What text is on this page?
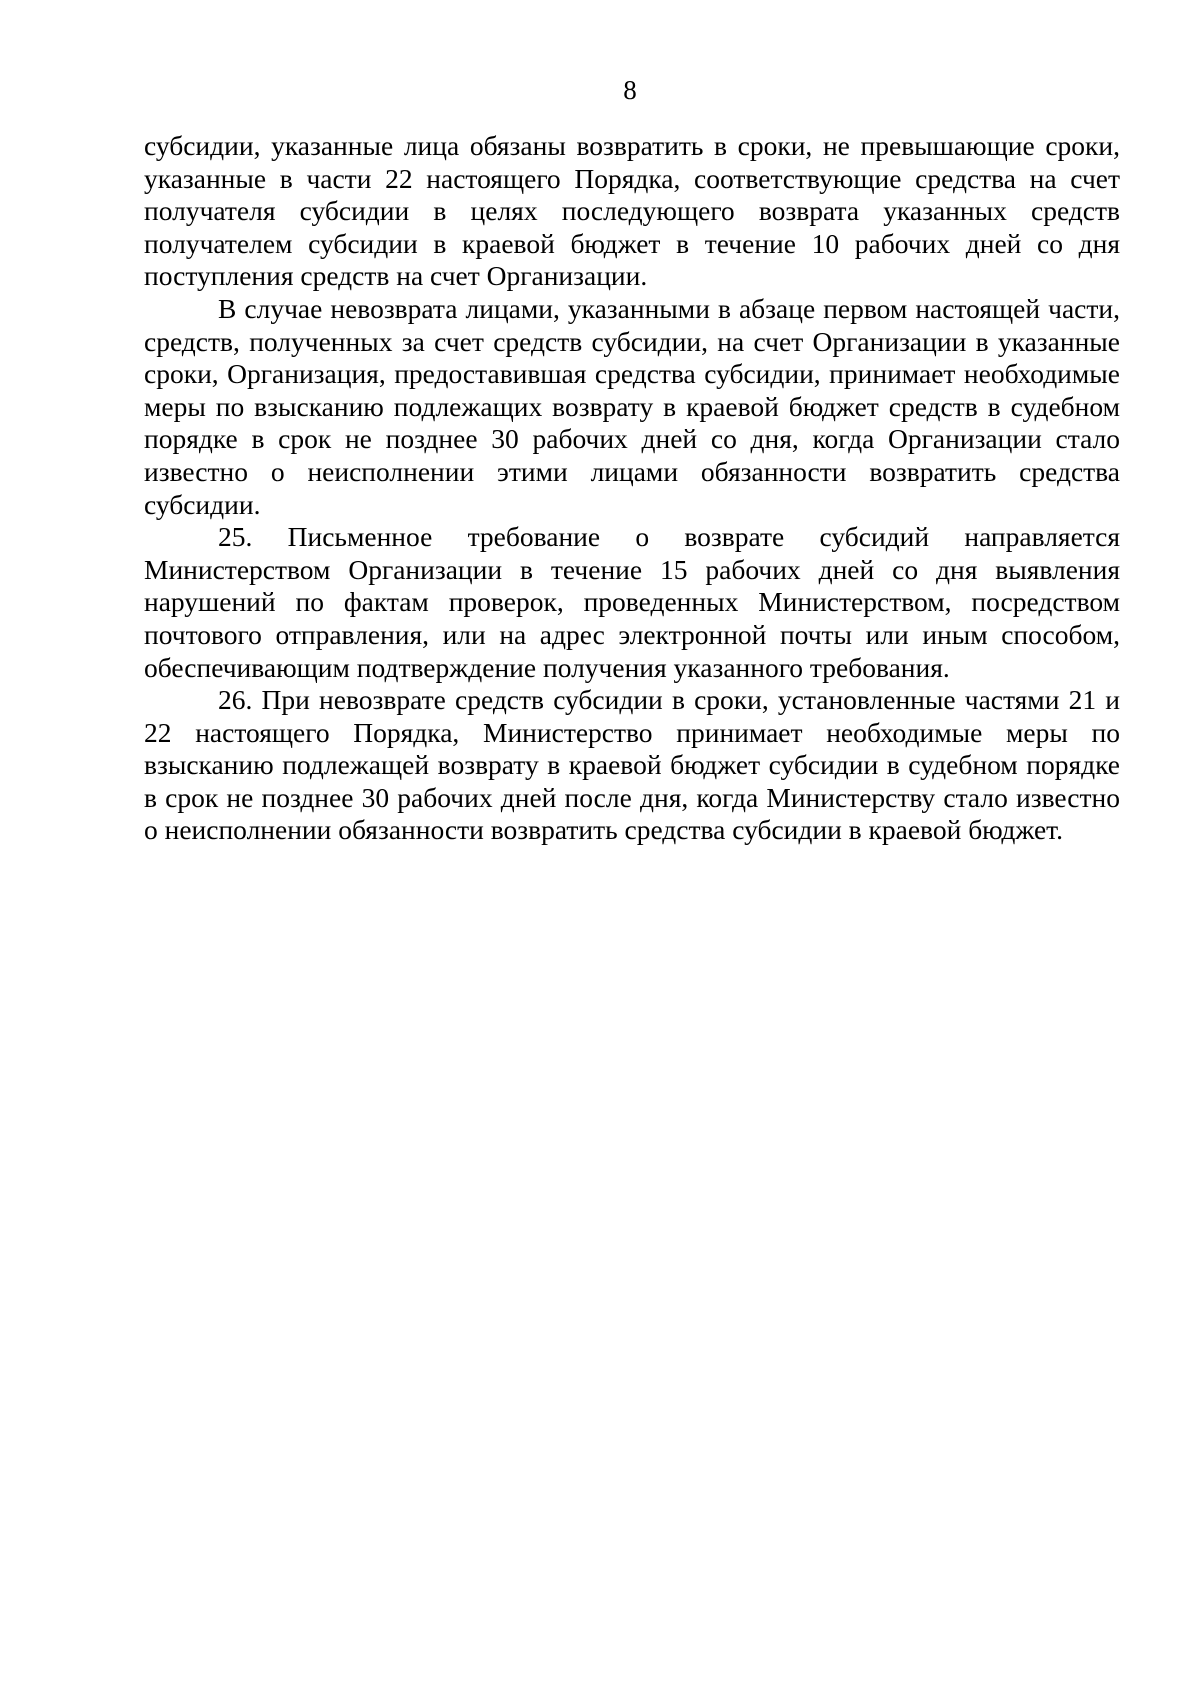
8

субсидии, указанные лица обязаны возвратить в сроки, не превышающие сроки, указанные в части 22 настоящего Порядка, соответствующие средства на счет получателя субсидии в целях последующего возврата указанных средств получателем субсидии в краевой бюджет в течение 10 рабочих дней со дня поступления средств на счет Организации.

В случае невозврата лицами, указанными в абзаце первом настоящей части, средств, полученных за счет средств субсидии, на счет Организации в указанные сроки, Организация, предоставившая средства субсидии, принимает необходимые меры по взысканию подлежащих возврату в краевой бюджет средств в судебном порядке в срок не позднее 30 рабочих дней со дня, когда Организации стало известно о неисполнении этими лицами обязанности возвратить средства субсидии.

25. Письменное требование о возврате субсидий направляется Министерством Организации в течение 15 рабочих дней со дня выявления нарушений по фактам проверок, проведенных Министерством, посредством почтового отправления, или на адрес электронной почты или иным способом, обеспечивающим подтверждение получения указанного требования.

26. При невозврате средств субсидии в сроки, установленные частями 21 и 22 настоящего Порядка, Министерство принимает необходимые меры по взысканию подлежащей возврату в краевой бюджет субсидии в судебном порядке в срок не позднее 30 рабочих дней после дня, когда Министерству стало известно о неисполнении обязанности возвратить средства субсидии в краевой бюджет.
